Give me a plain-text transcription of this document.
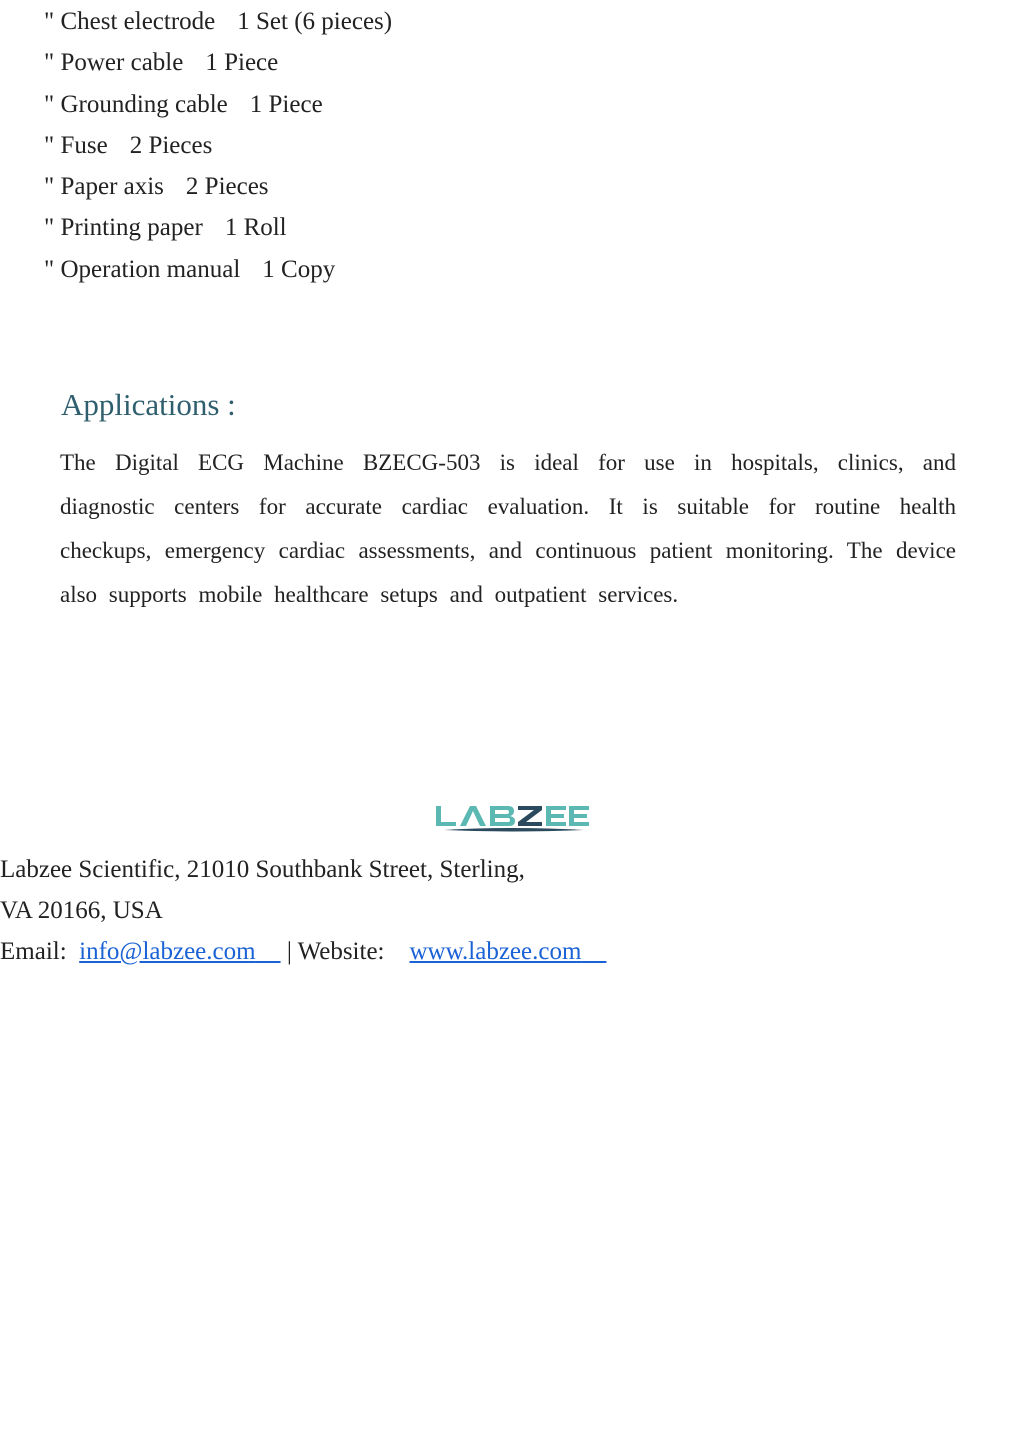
" Chest electrode 1 Set (6 pieces)
" Power cable 1 Piece
" Grounding cable 1 Piece
" Fuse 2 Pieces
" Paper axis 2 Pieces
" Printing paper 1 Roll
" Operation manual 1 Copy
Applications :

The Digital ECG Machine BZECG-503 is ideal for use in hospitals, clinics, and diagnostic centers for accurate cardiac evaluation. It is suitable for routine health checkups, emergency cardiac assessments, and continuous patient monitoring. The device also supports mobile healthcare setups and outpatient services.

Labzee Scientific, 21010 Southbank Street, Sterling,
VA 20166, USA
Email: info@labzee.com | Website: www.labzee.com
